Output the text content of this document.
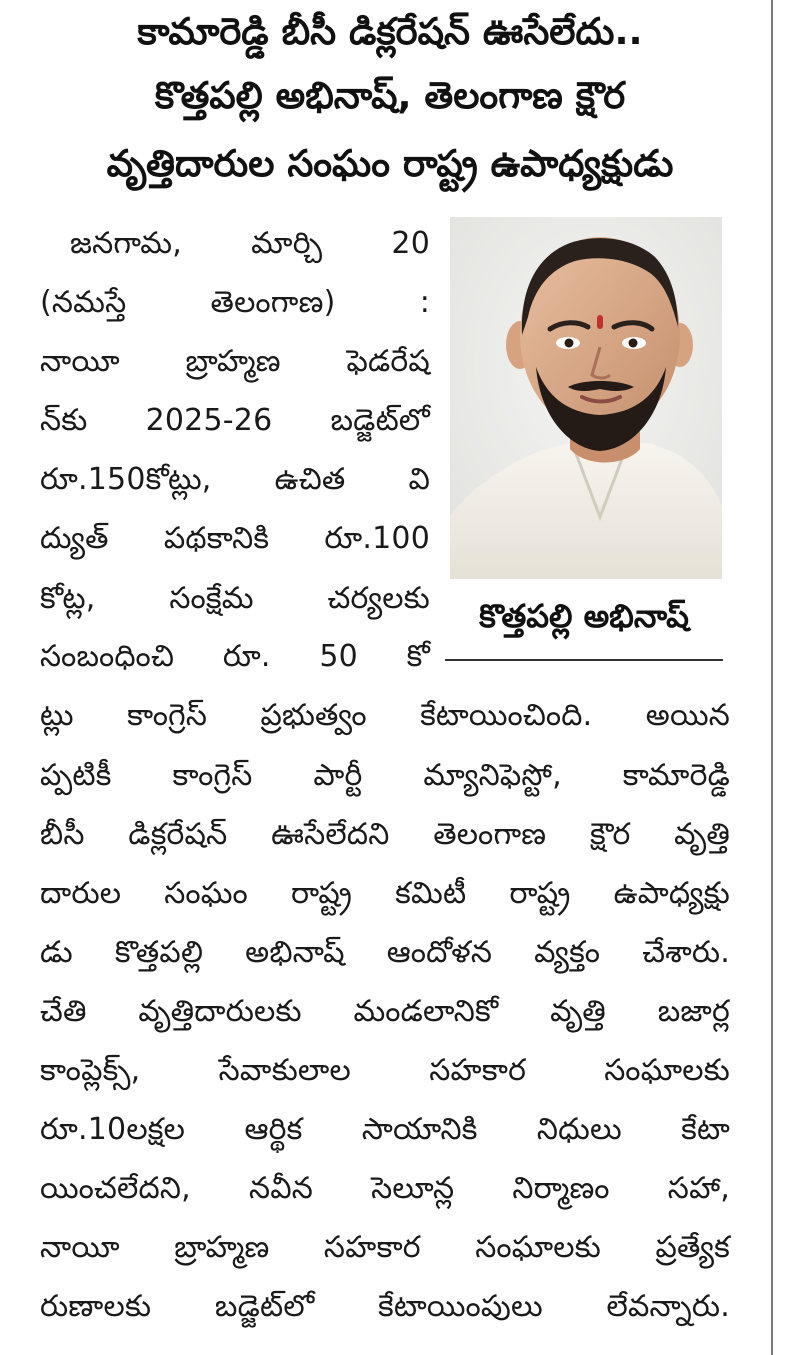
కామారెడ్డి బీసీ డిక్లరేషన్ ఊసేలేదు..
కొత్తపల్లి అభినాష్, తెలంగాణ క్షౌర
వృత్తిదారుల సంఘం రాష్ట్ర ఉపాధ్యక్షుడు
కొత్తపల్లి అభినాష్
జనగామ, మార్చి 20
(నమస్తే తెలంగాణ) :
నాయీ బ్రాహ్మణ ఫెడరేష
న్‌కు 2025-26 బడ్జెట్‌లో
రూ.150కోట్లు, ఉచిత వి
ద్యుత్ పథకానికి రూ.100
కోట్ల, సంక్షేమ చర్యలకు
సంబంధించి రూ. 50 కో
ట్లు కాంగ్రెస్ ప్రభుత్వం కేటాయించింది. అయిన
ప్పటికీ కాంగ్రెస్ పార్టీ మ్యానిఫెస్టో, కామారెడ్డి
బీసీ డిక్లరేషన్ ఊసేలేదని తెలంగాణ క్షౌర వృత్తి
దారుల సంఘం రాష్ట్ర కమిటీ రాష్ట్ర ఉపాధ్యక్షు
డు కొత్తపల్లి అభినాష్ ఆందోళన వ్యక్తం చేశారు.
చేతి వృత్తిదారులకు మండలానికో వృత్తి బజార్ల
కాంప్లెక్స్, సేవాకులాల సహకార సంఘాలకు
రూ.10లక్షల ఆర్థిక సాయానికి నిధులు కేటా
యించలేదని, నవీన సెలూన్ల నిర్మాణం సహా,
నాయీ బ్రాహ్మణ సహకార సంఘాలకు ప్రత్యేక
రుణాలకు బడ్జెట్‌లో కేటాయింపులు లేవన్నారు.
